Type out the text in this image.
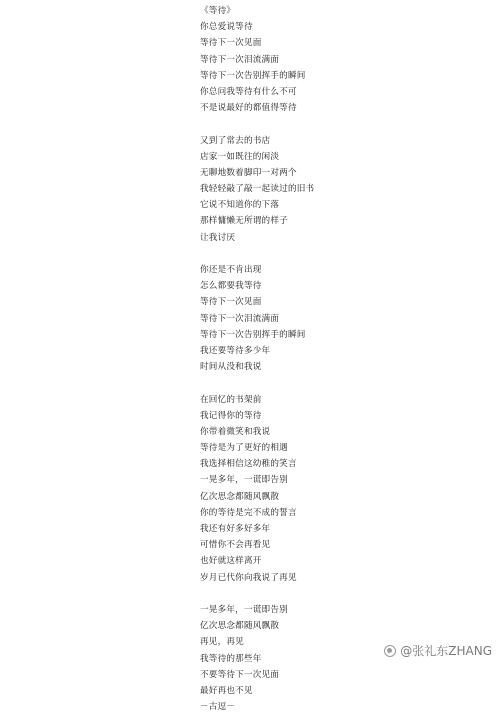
《等待》
你总爱说等待
等待下一次见面
等待下一次泪流满面
等待下一次告别挥手的瞬间
你总问我等待有什么不可
不是说最好的都值得等待
又到了常去的书店
店家一如既往的闲淡
无聊地数着脚印一对两个
我轻轻敲了敲一起读过的旧书
它说不知道你的下落
那样慵懒无所谓的样子
让我讨厌
你还是不肯出现
怎么都要我等待
等待下一次见面
等待下一次泪流满面
等待下一次告别挥手的瞬间
我还要等待多少年
时间从没和我说
在回忆的书架前
我记得你的等待
你带着微笑和我说
等待是为了更好的相遇
我选择相信这幼稚的笑言
一晃多年，一谎即告别
亿次思念都随风飘散
你的等待是完不成的誓言
我还有好多好多年
可惜你不会再看见
也好就这样离开
岁月已代你向我说了再见
一晃多年，一谎即告别
亿次思念都随风飘散
再见，再见
我等待的那些年
不要等待下一次见面
最好再也不见
－古逗－
@张礼东ZHANG
